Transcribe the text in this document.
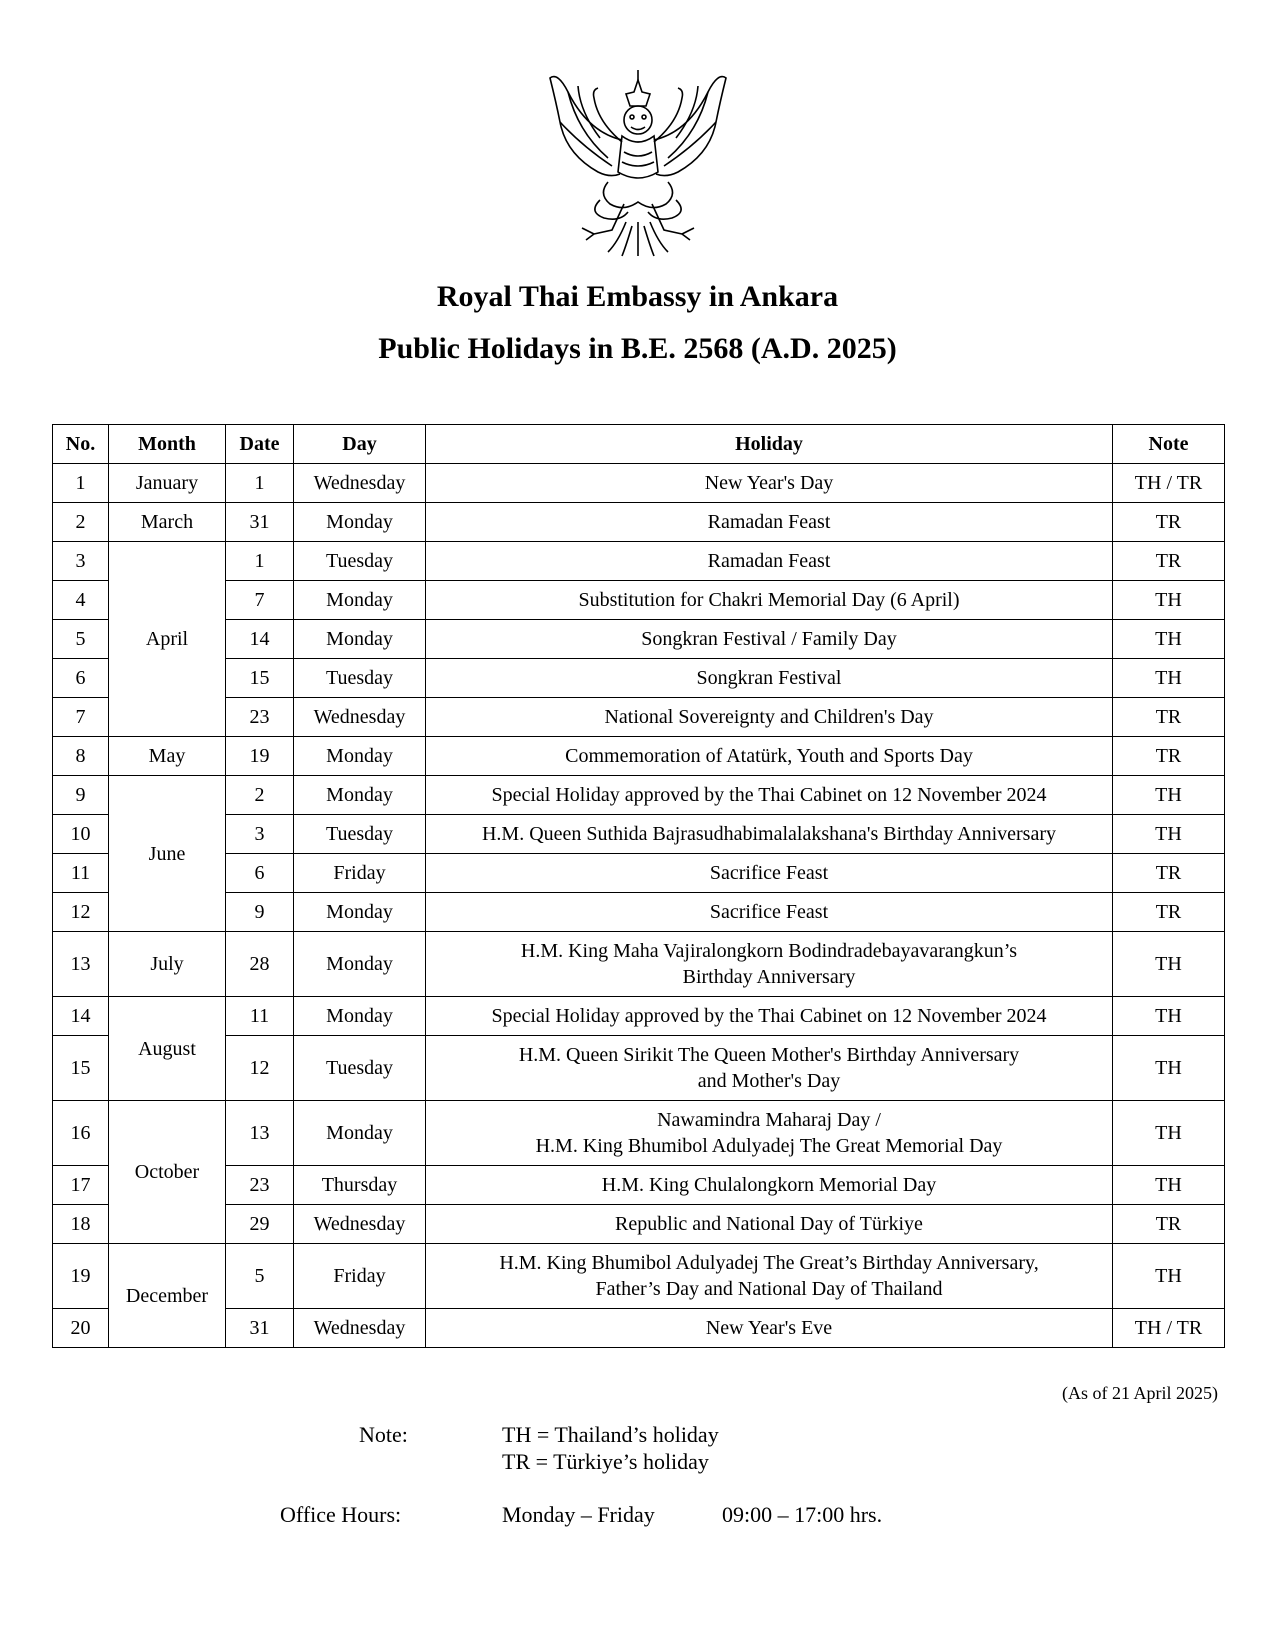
Royal Thai Embassy in Ankara
Public Holidays in B.E. 2568 (A.D. 2025)
No.	Month	Date	Day	Holiday	Note
1	January	1	Wednesday	New Year's Day	TH / TR
2	March	31	Monday	Ramadan Feast	TR
3	April	1	Tuesday	Ramadan Feast	TR
4		7	Monday	Substitution for Chakri Memorial Day (6 April)	TH
5		14	Monday	Songkran Festival / Family Day	TH
6		15	Tuesday	Songkran Festival	TH
7		23	Wednesday	National Sovereignty and Children's Day	TR
8	May	19	Monday	Commemoration of Atatürk, Youth and Sports Day	TR
9	June	2	Monday	Special Holiday approved by the Thai Cabinet on 12 November 2024	TH
10		3	Tuesday	H.M. Queen Suthida Bajrasudhabimalalakshana's Birthday Anniversary	TH
11		6	Friday	Sacrifice Feast	TR
12		9	Monday	Sacrifice Feast	TR
13	July	28	Monday	H.M. King Maha Vajiralongkorn Bodindradebayavarangkun’s
Birthday Anniversary	TH
14	August	11	Monday	Special Holiday approved by the Thai Cabinet on 12 November 2024	TH
15		12	Tuesday	H.M. Queen Sirikit The Queen Mother's Birthday Anniversary
and Mother's Day	TH
16	October	13	Monday	Nawamindra Maharaj Day /
H.M. King Bhumibol Adulyadej The Great Memorial Day	TH
17		23	Thursday	H.M. King Chulalongkorn Memorial Day	TH
18		29	Wednesday	Republic and National Day of Türkiye	TR
19	December	5	Friday	H.M. King Bhumibol Adulyadej The Great’s Birthday Anniversary,
Father’s Day and National Day of Thailand	TH
20		31	Wednesday	New Year's Eve	TH / TR
(As of 21 April 2025)
Note:	TH = Thailand’s holiday
TR = Türkiye’s holiday
Office Hours:	Monday – Friday	09:00 – 17:00 hrs.
